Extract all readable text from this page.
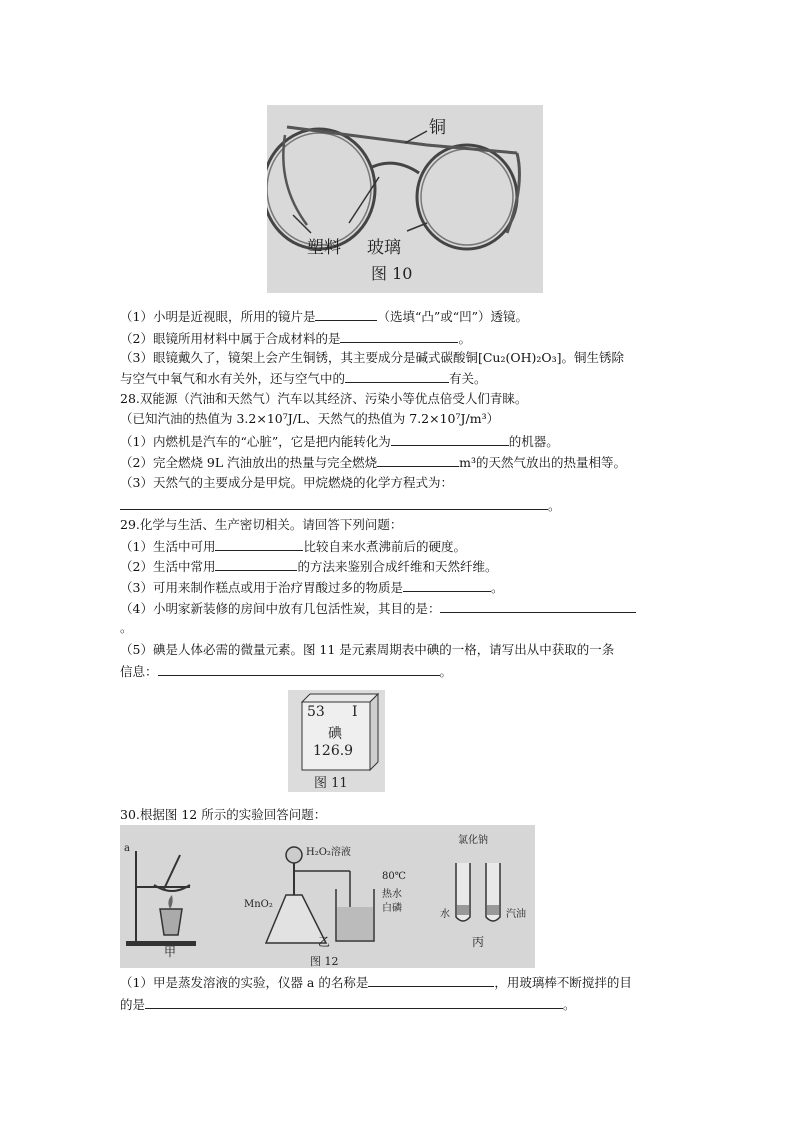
铜
塑料 玻璃
图 10
（1）小明是近视眼，所用的镜片是	（选填“凸”或“凹”）透镜。
（2）眼镜所用材料中属于合成材料的是	。
（3）眼镜戴久了，镜架上会产生铜锈，其主要成分是碱式碳酸铜[Cu₂(OH)₂O₃]。铜生锈除
与空气中氧气和水有关外，还与空气中的	有关。
28.双能源（汽油和天然气）汽车以其经济、污染小等优点倍受人们青睐。
（已知汽油的热值为 3.2×10⁷J/L、天然气的热值为 7.2×10⁷J/m³）
（1）内燃机是汽车的“心脏”，它是把内能转化为	的机器。
（2）完全燃烧 9L 汽油放出的热量与完全燃烧	m³的天然气放出的热量相等。
（3）天然气的主要成分是甲烷。甲烷燃烧的化学方程式为：
。
29.化学与生活、生产密切相关。请回答下列问题：
（1）生活中可用	比较自来水煮沸前后的硬度。
（2）生活中常用	的方法来鉴别合成纤维和天然纤维。
（3）可用来制作糕点或用于治疗胃酸过多的物质是	。
（4）小明家新装修的房间中放有几包活性炭，其目的是：
。
（5）碘是人体必需的微量元素。图 11 是元素周期表中碘的一格，请写出从中获取的一条
信息：	。
53 I
碘
126.9
图 11
30.根据图 12 所示的实验回答问题：
a	H₂O₂溶液
MnO₂
80℃
热水
白磷
氯化钠
水	汽油
甲
乙	丙
图 12
（1）甲是蒸发溶液的实验，仪器 a 的名称是	，用玻璃棒不断搅拌的目
的是	。
